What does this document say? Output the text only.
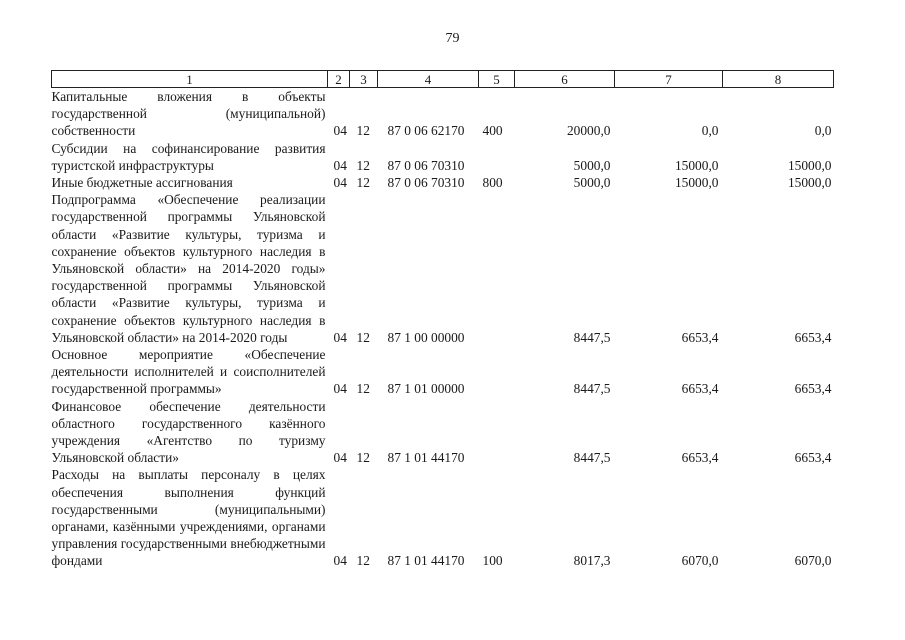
79
1	2	3	4	5	6	7	8
Капитальные вложения в объекты государственной (муниципальной) собственности	04	12	87 0 06 62170	400	20000,0	0,0	0,0
Субсидии на софинансирование развития туристской инфраструктуры	04	12	87 0 06 70310		5000,0	15000,0	15000,0
Иные бюджетные ассигнования	04	12	87 0 06 70310	800	5000,0	15000,0	15000,0
Подпрограмма «Обеспечение реализации государственной программы Ульяновской области «Развитие культуры, туризма и сохранение объектов культурного наследия в Ульяновской области» на 2014-2020 годы» государственной программы Ульяновской области «Развитие культуры, туризма и сохранение объектов культурного наследия в Ульяновской области» на 2014-2020 годы	04	12	87 1 00 00000		8447,5	6653,4	6653,4
Основное мероприятие «Обеспечение деятельности исполнителей и соисполнителей государственной программы»	04	12	87 1 01 00000		8447,5	6653,4	6653,4
Финансовое обеспечение деятельности областного государственного казённого учреждения «Агентство по туризму Ульяновской области»	04	12	87 1 01 44170		8447,5	6653,4	6653,4
Расходы на выплаты персоналу в целях обеспечения выполнения функций государственными (муниципальными) органами, казёнными учреждениями, органами управления государственными внебюджетными фондами	04	12	87 1 01 44170	100	8017,3	6070,0	6070,0
